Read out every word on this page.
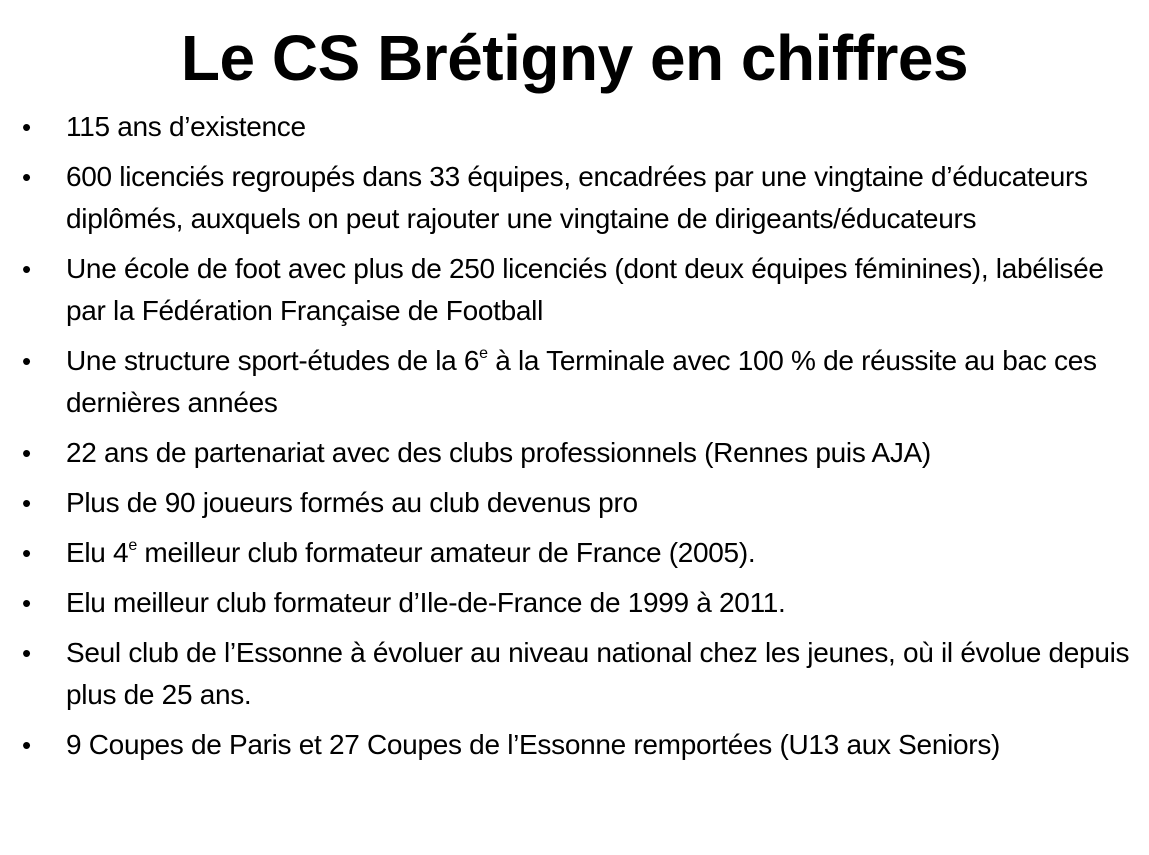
Le CS Brétigny en chiffres
• 115 ans d’existence
• 600 licenciés regroupés dans 33 équipes, encadrées par une vingtaine d’éducateurs diplômés, auxquels on peut rajouter une vingtaine de dirigeants/éducateurs
• Une école de foot avec plus de 250 licenciés (dont deux équipes féminines), labélisée par la Fédération Française de Football
• Une structure sport-études de la 6e à la Terminale avec 100 % de réussite au bac ces dernières années
• 22 ans de partenariat avec des clubs professionnels (Rennes puis AJA)
• Plus de 90 joueurs formés au club devenus pro
• Elu 4e meilleur club formateur amateur de France (2005).
• Elu meilleur club formateur d’Ile-de-France de 1999 à 2011.
• Seul club de l’Essonne à évoluer au niveau national chez les jeunes, où il évolue depuis plus de 25 ans.
• 9 Coupes de Paris et 27 Coupes de l’Essonne remportées (U13 aux Seniors)
